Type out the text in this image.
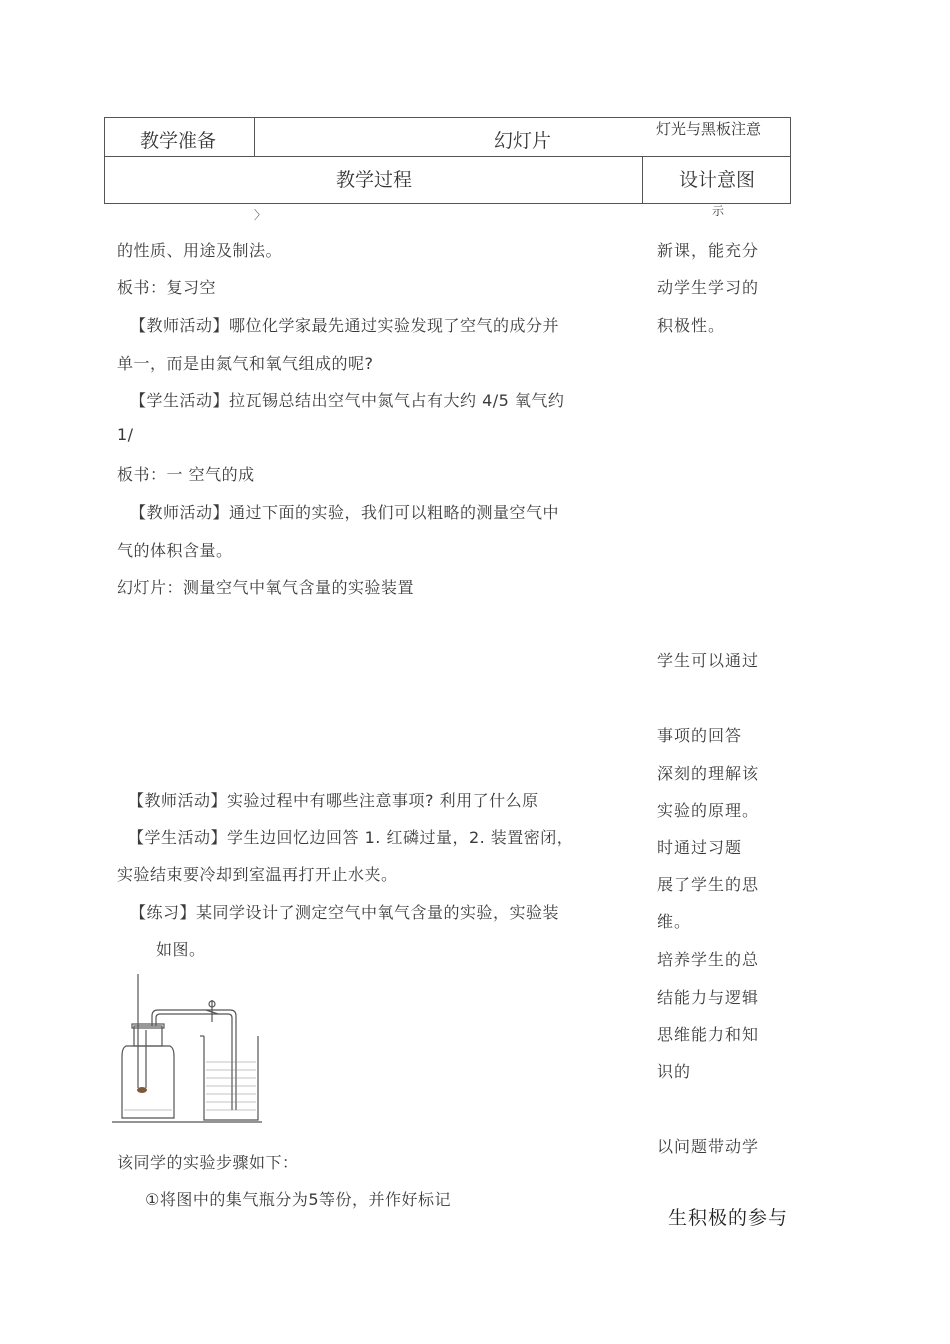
教学准备	幻灯片
灯光与黑板注意
教学过程	设计意图
〉
的性质、用途及制法。
板书：复习空
【教师活动】哪位化学家最先通过实验发现了空气的成分并
单一，而是由氮气和氧气组成的呢?
【学生活动】拉瓦锡总结出空气中氮气占有大约 4/5 氧气约
1/
板书：一 空气的成
【教师活动】通过下面的实验，我们可以粗略的测量空气中
气的体积含量。
幻灯片：测量空气中氧气含量的实验装置
【教师活动】实验过程中有哪些注意事项? 利用了什么原
【学生活动】学生边回忆边回答 1. 红磷过量，2. 装置密闭，
实验结束要冷却到室温再打开止水夹。
【练习】某同学设计了测定空气中氧气含量的实验，实验装
如图。
该同学的实验步骤如下：
①将图中的集气瓶分为5等份，并作好标记
示
新课，能充分
动学生学习的
积极性。
学生可以通过
事项的回答
深刻的理解该
实验的原理。
时通过习题
展了学生的思
维。
培养学生的总
结能力与逻辑
思维能力和知
识的
以问题带动学
生积极的参与
